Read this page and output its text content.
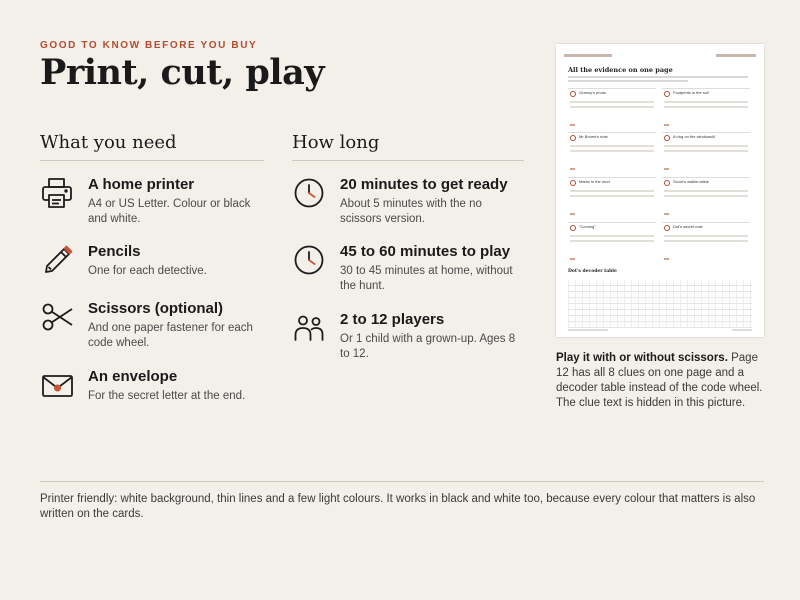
GOOD TO KNOW BEFORE YOU BUY
Print, cut, play
What you need
A home printer
A4 or US Letter. Colour or black and white.
Pencils
One for each detective.
Scissors (optional)
And one paper fastener for each code wheel.
An envelope
For the secret letter at the end.
How long
20 minutes to get ready
About 5 minutes with the no scissors version.
45 to 60 minutes to play
30 to 45 minutes at home, without the hunt.
2 to 12 players
Or 1 child with a grown-up. Ages 8 to 12.
All the evidence on one page
Granny's photo	Footprints in the soil
Mr Brown's note	A ring on the windowsill
Marks in the mud	Scout's walkie-talkie
"Coming"	Dot's secret note
Dot's decoder table
Play it with or without scissors. Page 12 has all 8 clues on one page and a decoder table instead of the code wheel. The clue text is hidden in this picture.
Printer friendly: white background, thin lines and a few light colours. It works in black and white too, because every colour that matters is also written on the cards.
